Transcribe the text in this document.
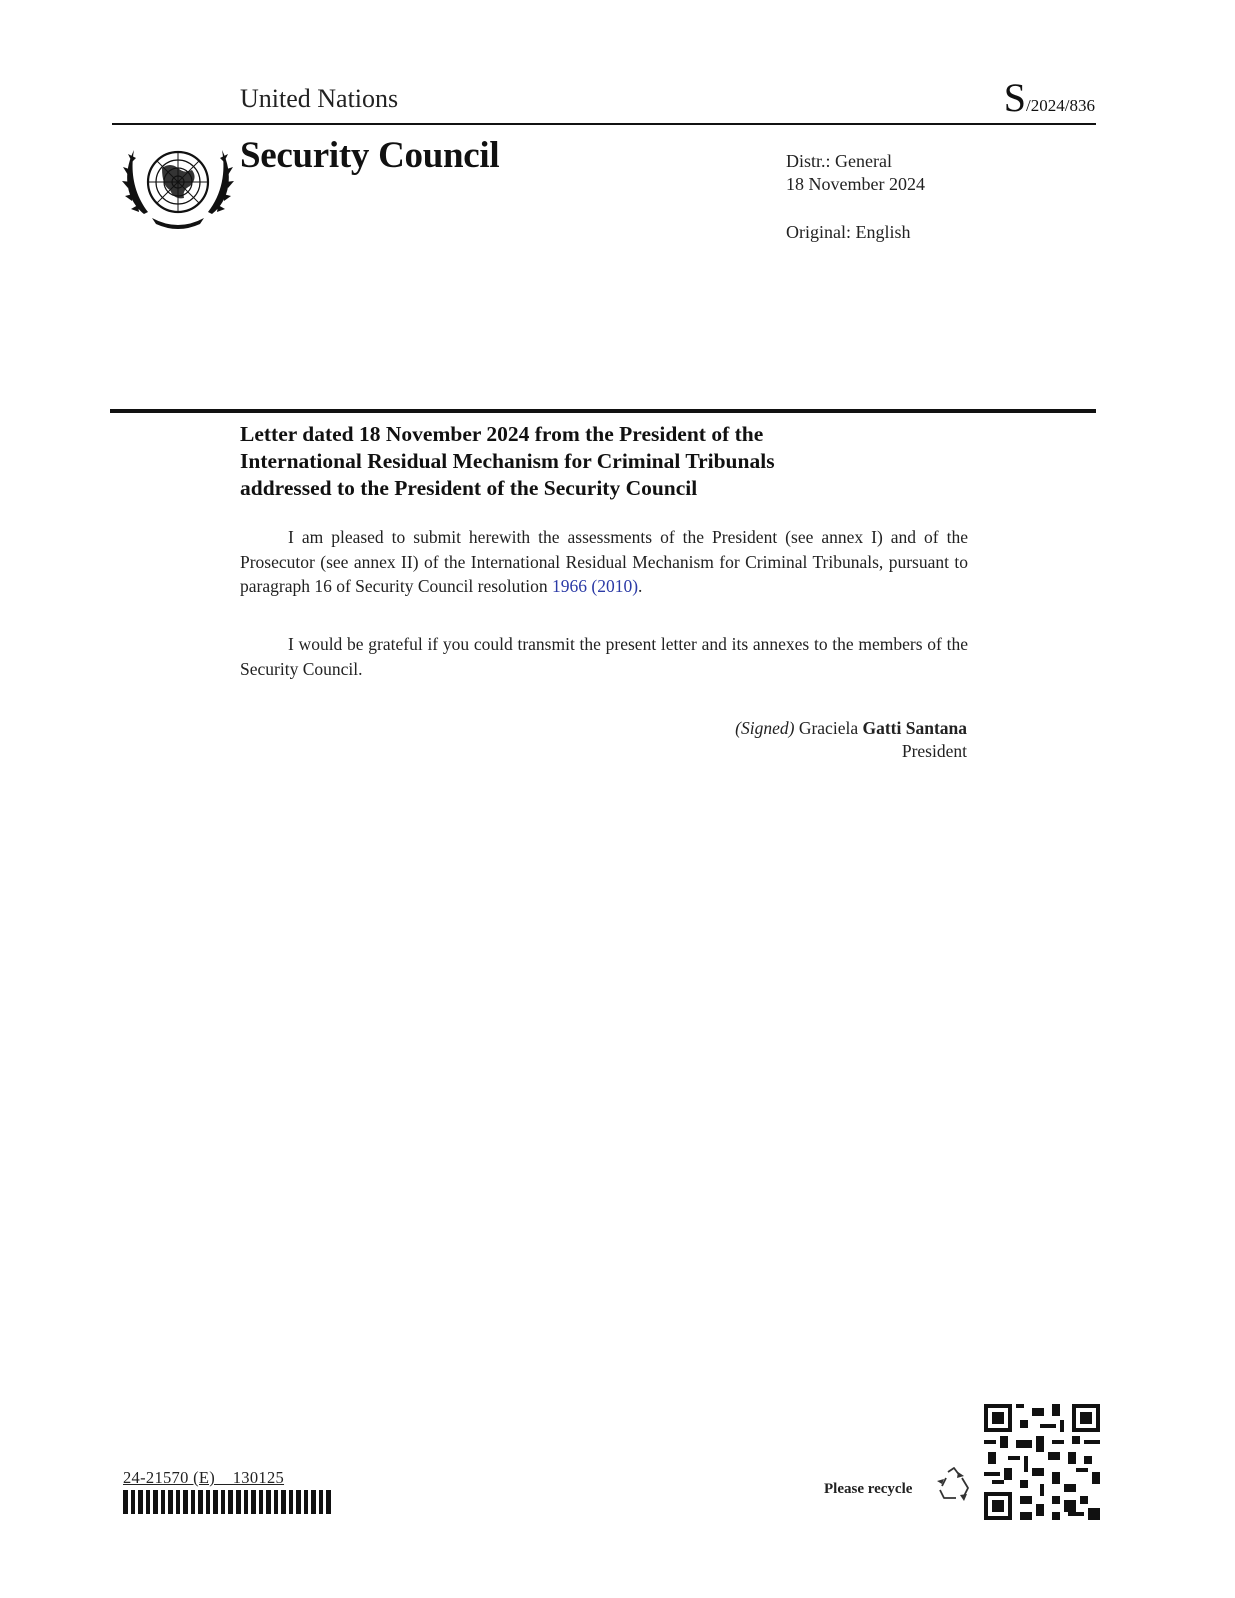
United Nations	S/2024/836
Security Council	Distr.: General
18 November 2024
Original: English
Letter dated 18 November 2024 from the President of the
International Residual Mechanism for Criminal Tribunals
addressed to the President of the Security Council
I am pleased to submit herewith the assessments of the President (see annex I) and of the Prosecutor (see annex II) of the International Residual Mechanism for Criminal Tribunals, pursuant to paragraph 16 of Security Council resolution 1966 (2010).
I would be grateful if you could transmit the present letter and its annexes to the members of the Security Council.
(Signed) Graciela Gatti Santana
President
24-21570 (E)    130125
Please recycle
